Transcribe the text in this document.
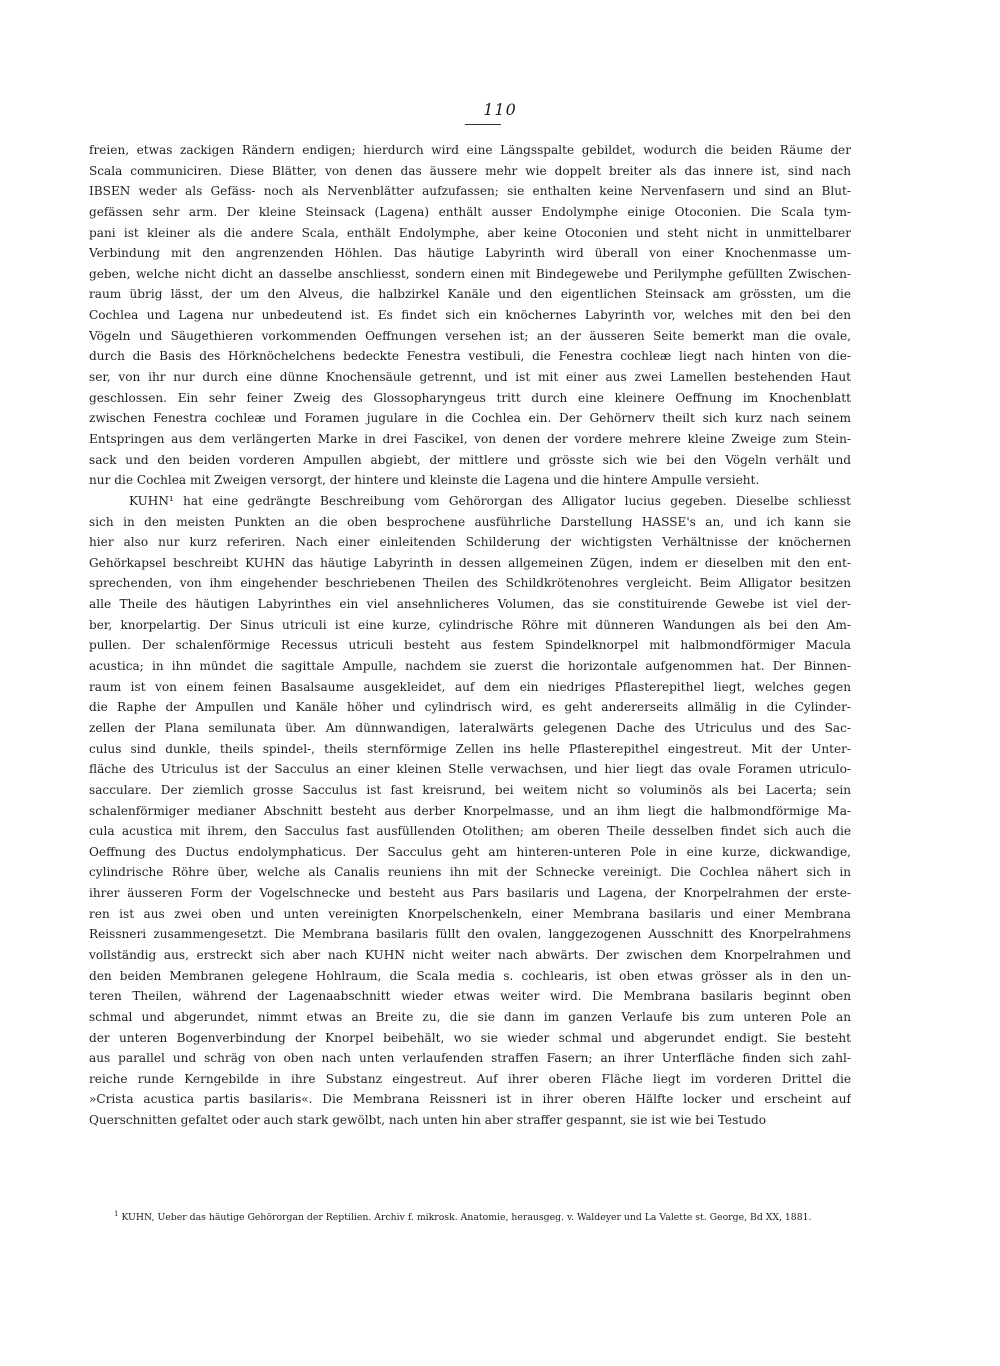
110
freien, etwas zackigen Rändern endigen; hierdurch wird eine Längsspalte gebildet, wodurch die beiden Räume der
Scala communiciren. Diese Blätter, von denen das äussere mehr wie doppelt breiter als das innere ist, sind nach
IBSEN weder als Gefäss- noch als Nervenblätter aufzufassen; sie enthalten keine Nervenfasern und sind an Blut-
gefässen sehr arm. Der kleine Steinsack (Lagena) enthält ausser Endolymphe einige Otoconien. Die Scala tym-
pani ist kleiner als die andere Scala, enthält Endolymphe, aber keine Otoconien und steht nicht in unmittelbarer
Verbindung mit den angrenzenden Höhlen. Das häutige Labyrinth wird überall von einer Knochenmasse um-
geben, welche nicht dicht an dasselbe anschliesst, sondern einen mit Bindegewebe und Perilymphe gefüllten Zwischen-
raum übrig lässt, der um den Alveus, die halbzirkel Kanäle und den eigentlichen Steinsack am grössten, um die
Cochlea und Lagena nur unbedeutend ist. Es findet sich ein knöchernes Labyrinth vor, welches mit den bei den
Vögeln und Säugethieren vorkommenden Oeffnungen versehen ist; an der äusseren Seite bemerkt man die ovale,
durch die Basis des Hörknöchelchens bedeckte Fenestra vestibuli, die Fenestra cochleæ liegt nach hinten von die-
ser, von ihr nur durch eine dünne Knochensäule getrennt, und ist mit einer aus zwei Lamellen bestehenden Haut
geschlossen. Ein sehr feiner Zweig des Glossopharyngeus tritt durch eine kleinere Oeffnung im Knochenblatt
zwischen Fenestra cochleæ und Foramen jugulare in die Cochlea ein. Der Gehörnerv theilt sich kurz nach seinem
Entspringen aus dem verlängerten Marke in drei Fascikel, von denen der vordere mehrere kleine Zweige zum Stein-
sack und den beiden vorderen Ampullen abgiebt, der mittlere und grösste sich wie bei den Vögeln verhält und
nur die Cochlea mit Zweigen versorgt, der hintere und kleinste die Lagena und die hintere Ampulle versieht.
KUHN¹ hat eine gedrängte Beschreibung vom Gehörorgan des Alligator lucius gegeben. Dieselbe schliesst
sich in den meisten Punkten an die oben besprochene ausführliche Darstellung HASSE's an, und ich kann sie
hier also nur kurz referiren. Nach einer einleitenden Schilderung der wichtigsten Verhältnisse der knöchernen
Gehörkapsel beschreibt KUHN das häutige Labyrinth in dessen allgemeinen Zügen, indem er dieselben mit den ent-
sprechenden, von ihm eingehender beschriebenen Theilen des Schildkrötenohres vergleicht. Beim Alligator besitzen
alle Theile des häutigen Labyrinthes ein viel ansehnlicheres Volumen, das sie constituirende Gewebe ist viel der-
ber, knorpelartig. Der Sinus utriculi ist eine kurze, cylindrische Röhre mit dünneren Wandungen als bei den Am-
pullen. Der schalenförmige Recessus utriculi besteht aus festem Spindelknorpel mit halbmondförmiger Macula
acustica; in ihn mündet die sagittale Ampulle, nachdem sie zuerst die horizontale aufgenommen hat. Der Binnen-
raum ist von einem feinen Basalsaume ausgekleidet, auf dem ein niedriges Pflasterepithel liegt, welches gegen
die Raphe der Ampullen und Kanäle höher und cylindrisch wird, es geht andererseits allmälig in die Cylinder-
zellen der Plana semilunata über. Am dünnwandigen, lateralwärts gelegenen Dache des Utriculus und des Sac-
culus sind dunkle, theils spindel-, theils sternförmige Zellen ins helle Pflasterepithel eingestreut. Mit der Unter-
fläche des Utriculus ist der Sacculus an einer kleinen Stelle verwachsen, und hier liegt das ovale Foramen utriculo-
sacculare. Der ziemlich grosse Sacculus ist fast kreisrund, bei weitem nicht so voluminös als bei Lacerta; sein
schalenförmiger medianer Abschnitt besteht aus derber Knorpelmasse, und an ihm liegt die halbmondförmige Ma-
cula acustica mit ihrem, den Sacculus fast ausfüllenden Otolithen; am oberen Theile desselben findet sich auch die
Oeffnung des Ductus endolymphaticus. Der Sacculus geht am hinteren-unteren Pole in eine kurze, dickwandige,
cylindrische Röhre über, welche als Canalis reuniens ihn mit der Schnecke vereinigt. Die Cochlea nähert sich in
ihrer äusseren Form der Vogelschnecke und besteht aus Pars basilaris und Lagena, der Knorpelrahmen der erste-
ren ist aus zwei oben und unten vereinigten Knorpelschenkeln, einer Membrana basilaris und einer Membrana
Reissneri zusammengesetzt. Die Membrana basilaris füllt den ovalen, langgezogenen Ausschnitt des Knorpelrahmens
vollständig aus, erstreckt sich aber nach KUHN nicht weiter nach abwärts. Der zwischen dem Knorpelrahmen und
den beiden Membranen gelegene Hohlraum, die Scala media s. cochlearis, ist oben etwas grösser als in den un-
teren Theilen, während der Lagenaabschnitt wieder etwas weiter wird. Die Membrana basilaris beginnt oben
schmal und abgerundet, nimmt etwas an Breite zu, die sie dann im ganzen Verlaufe bis zum unteren Pole an
der unteren Bogenverbindung der Knorpel beibehält, wo sie wieder schmal und abgerundet endigt. Sie besteht
aus parallel und schräg von oben nach unten verlaufenden straffen Fasern; an ihrer Unterfläche finden sich zahl-
reiche runde Kerngebilde in ihre Substanz eingestreut. Auf ihrer oberen Fläche liegt im vorderen Drittel die
»Crista acustica partis basilaris«. Die Membrana Reissneri ist in ihrer oberen Hälfte locker und erscheint auf
Querschnitten gefaltet oder auch stark gewölbt, nach unten hin aber straffer gespannt, sie ist wie bei Testudo
$^1$ KUHN, Ueber das häutige Gehörorgan der Reptilien. Archiv f. mikrosk. Anatomie, herausgeg. v. Waldeyer und La Valette st. George, Bd XX, 1881.
